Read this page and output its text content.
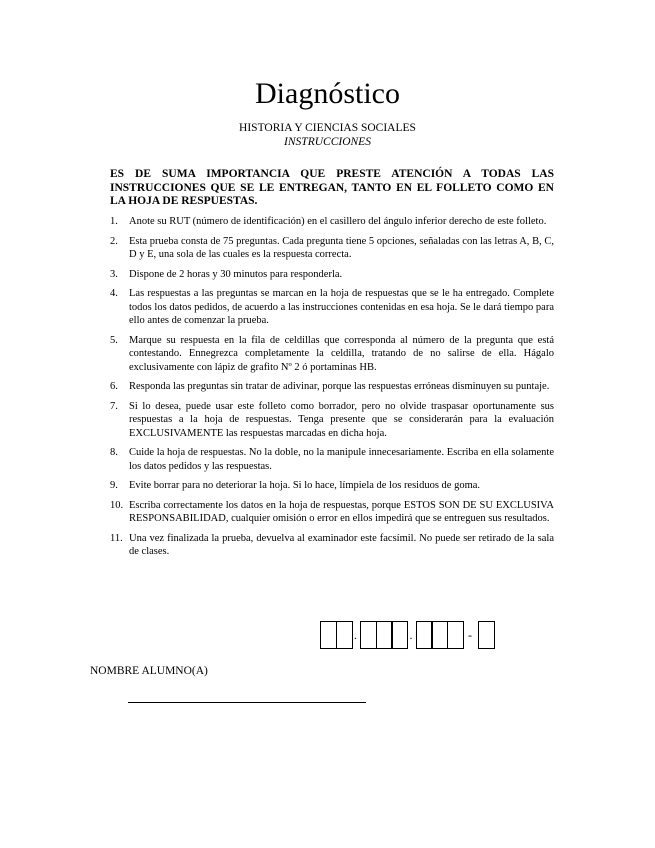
Diagnóstico
HISTORIA Y CIENCIAS SOCIALES
INSTRUCCIONES
ES DE SUMA IMPORTANCIA QUE PRESTE ATENCIÓN A TODAS LAS INSTRUCCIONES QUE SE LE ENTREGAN, TANTO EN EL FOLLETO COMO EN LA HOJA DE RESPUESTAS.
1.	Anote su RUT (número de identificación) en el casillero del ángulo inferior derecho de este folleto.
2.	Esta prueba consta de 75 preguntas. Cada pregunta tiene 5 opciones, señaladas con las letras A, B, C, D y E, una sola de las cuales es la respuesta correcta.
3.	Dispone de 2 horas y 30 minutos para responderla.
4.	Las respuestas a las preguntas se marcan en la hoja de respuestas que se le ha entregado. Complete todos los datos pedidos, de acuerdo a las instrucciones contenidas en esa hoja. Se le dará tiempo para ello antes de comenzar la prueba.
5.	Marque su respuesta en la fila de celdillas que corresponda al número de la pregunta que está contestando. Ennegrezca completamente la celdilla, tratando de no salirse de ella. Hágalo exclusivamente con lápiz de grafito Nº 2 ó portaminas HB.
6.	Responda las preguntas sin tratar de adivinar, porque las respuestas erróneas disminuyen su puntaje.
7.	Si lo desea, puede usar este folleto como borrador, pero no olvide traspasar oportunamente sus respuestas a la hoja de respuestas. Tenga presente que se considerarán para la evaluación EXCLUSIVAMENTE las respuestas marcadas en dicha hoja.
8.	Cuide la hoja de respuestas. No la doble, no la manipule innecesariamente. Escriba en ella solamente los datos pedidos y las respuestas.
9.	Evite borrar para no deteriorar la hoja. Si lo hace, límpiela de los residuos de goma.
10. Escriba correctamente los datos en la hoja de respuestas, porque ESTOS SON DE SU EXCLUSIVA RESPONSABILIDAD, cualquier omisión o error en ellos impedirá que se entreguen sus resultados.
11. Una vez finalizada la prueba, devuelva al examinador este facsímil. No puede ser retirado de la sala de clases.
.	.	-
NOMBRE ALUMNO(A)
